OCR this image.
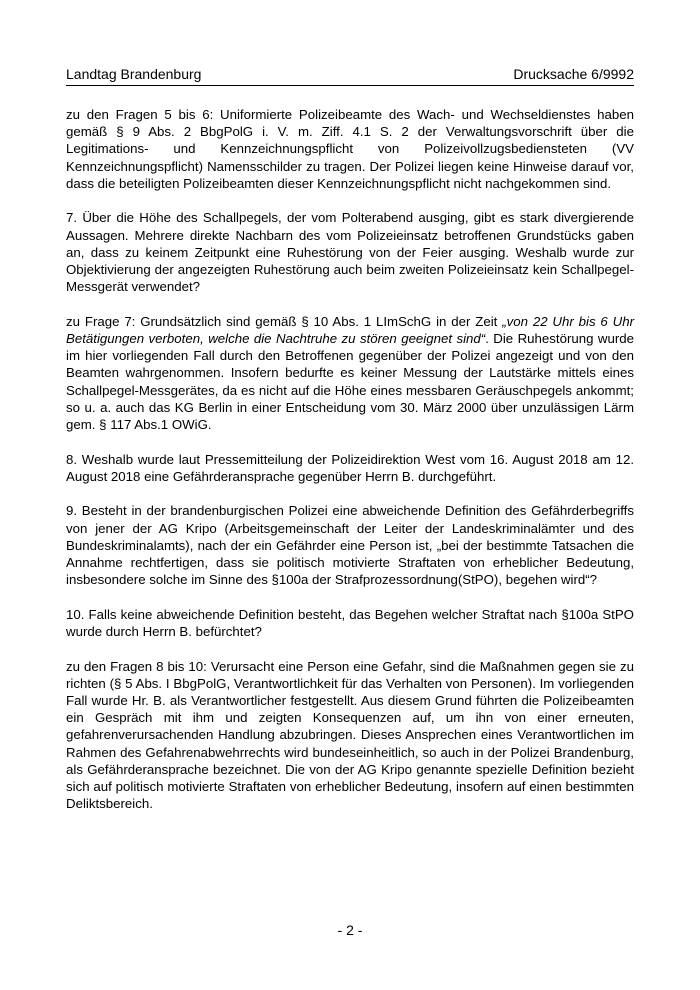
Landtag Brandenburg	Drucksache 6/9992

zu den Fragen 5 bis 6: Uniformierte Polizeibeamte des Wach- und Wechseldienstes haben gemäß § 9 Abs. 2 BbgPolG i. V. m. Ziff. 4.1 S. 2 der Verwaltungsvorschrift über die Legitimations- und Kennzeichnungspflicht von Polizeivollzugsbediensteten (VV Kennzeichnungspflicht) Namensschilder zu tragen. Der Polizei liegen keine Hinweise darauf vor, dass die beteiligten Polizeibeamten dieser Kennzeichnungspflicht nicht nachgekommen sind.

7. Über die Höhe des Schallpegels, der vom Polterabend ausging, gibt es stark divergierende Aussagen. Mehrere direkte Nachbarn des vom Polizeieinsatz betroffenen Grundstücks gaben an, dass zu keinem Zeitpunkt eine Ruhestörung von der Feier ausging. Weshalb wurde zur Objektivierung der angezeigten Ruhestörung auch beim zweiten Polizeieinsatz kein Schallpegel-Messgerät verwendet?

zu Frage 7: Grundsätzlich sind gemäß § 10 Abs. 1 LImSchG in der Zeit „von 22 Uhr bis 6 Uhr Betätigungen verboten, welche die Nachtruhe zu stören geeignet sind“. Die Ruhestörung wurde im hier vorliegenden Fall durch den Betroffenen gegenüber der Polizei angezeigt und von den Beamten wahrgenommen. Insofern bedurfte es keiner Messung der Lautstärke mittels eines Schallpegel-Messgerätes, da es nicht auf die Höhe eines messbaren Geräuschpegels ankommt; so u. a. auch das KG Berlin in einer Entscheidung vom 30. März 2000 über unzulässigen Lärm gem. § 117 Abs.1 OWiG.

8. Weshalb wurde laut Pressemitteilung der Polizeidirektion West vom 16. August 2018 am 12. August 2018 eine Gefährderansprache gegenüber Herrn B. durchgeführt.

9. Besteht in der brandenburgischen Polizei eine abweichende Definition des Gefährderbegriffs von jener der AG Kripo (Arbeitsgemeinschaft der Leiter der Landeskriminalämter und des Bundeskriminalamts), nach der ein Gefährder eine Person ist, „bei der bestimmte Tatsachen die Annahme rechtfertigen, dass sie politisch motivierte Straftaten von erheblicher Bedeutung, insbesondere solche im Sinne des §100a der Strafprozessordnung(StPO), begehen wird“?

10. Falls keine abweichende Definition besteht, das Begehen welcher Straftat nach §100a StPO wurde durch Herrn B. befürchtet?

zu den Fragen 8 bis 10: Verursacht eine Person eine Gefahr, sind die Maßnahmen gegen sie zu richten (§ 5 Abs. I BbgPolG, Verantwortlichkeit für das Verhalten von Personen). Im vorliegenden Fall wurde Hr. B. als Verantwortlicher festgestellt. Aus diesem Grund führten die Polizeibeamten ein Gespräch mit ihm und zeigten Konsequenzen auf, um ihn von einer erneuten, gefahrenverursachenden Handlung abzubringen. Dieses Ansprechen eines Verantwortlichen im Rahmen des Gefahrenabwehrrechts wird bundeseinheitlich, so auch in der Polizei Brandenburg, als Gefährderansprache bezeichnet. Die von der AG Kripo genannte spezielle Definition bezieht sich auf politisch motivierte Straftaten von erheblicher Bedeutung, insofern auf einen bestimmten Deliktsbereich.

- 2 -
